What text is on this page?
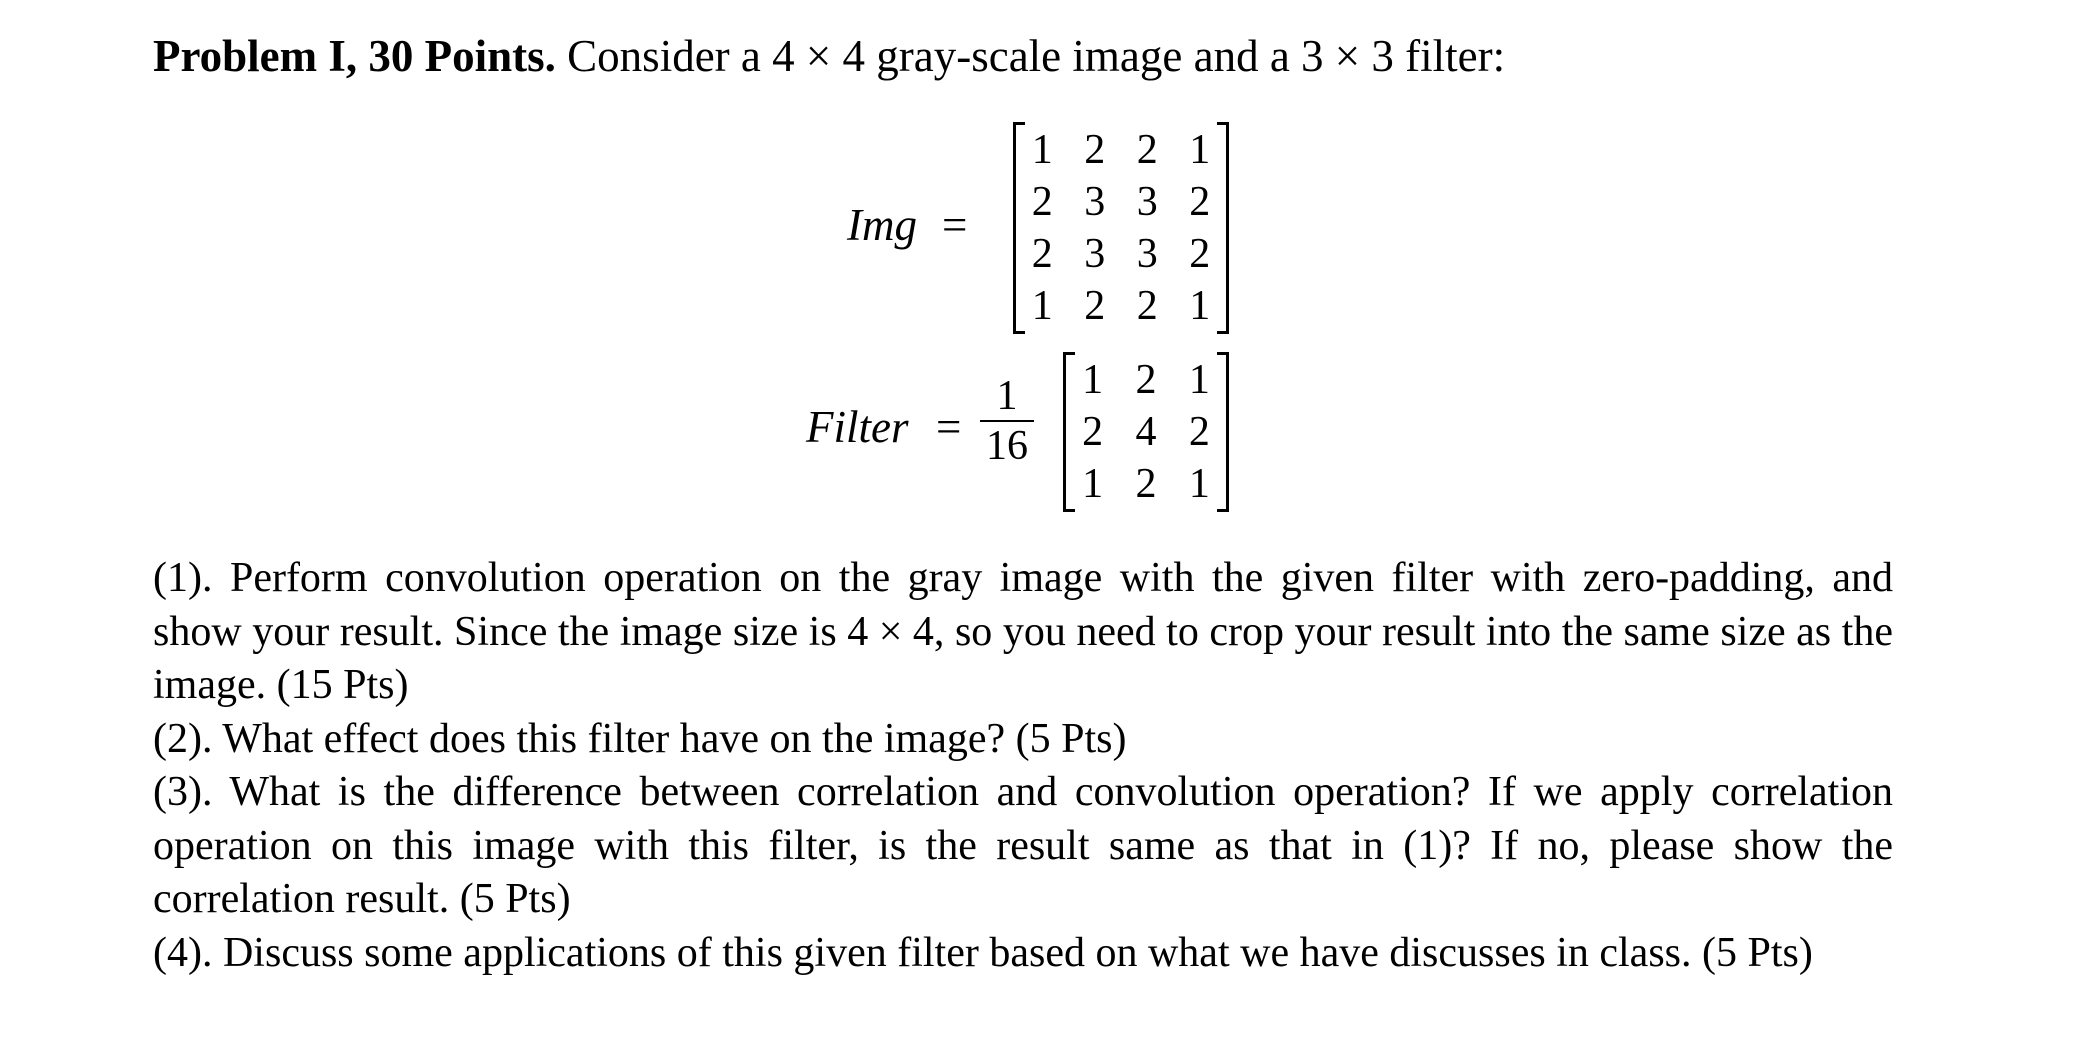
Problem I, 30 Points. Consider a 4 × 4 gray-scale image and a 3 × 3 filter:
Img =
1 2 2 1
2 3 3 2
2 3 3 2
1 2 2 1
Filter = $\frac{1}{16}$	1 2 1
2 4 2
1 2 1

(1). Perform convolution operation on the gray image with the given filter with zero-padding, and show your result. Since the image size is 4 × 4, so you need to crop your result into the same size as the image. (15 Pts)

(2). What effect does this filter have on the image? (5 Pts)

(3). What is the difference between correlation and convolution operation? If we apply correlation operation on this image with this filter, is the result same as that in (1)? If no, please show the correlation result. (5 Pts)

(4). Discuss some applications of this given filter based on what we have discusses in class. (5 Pts)
